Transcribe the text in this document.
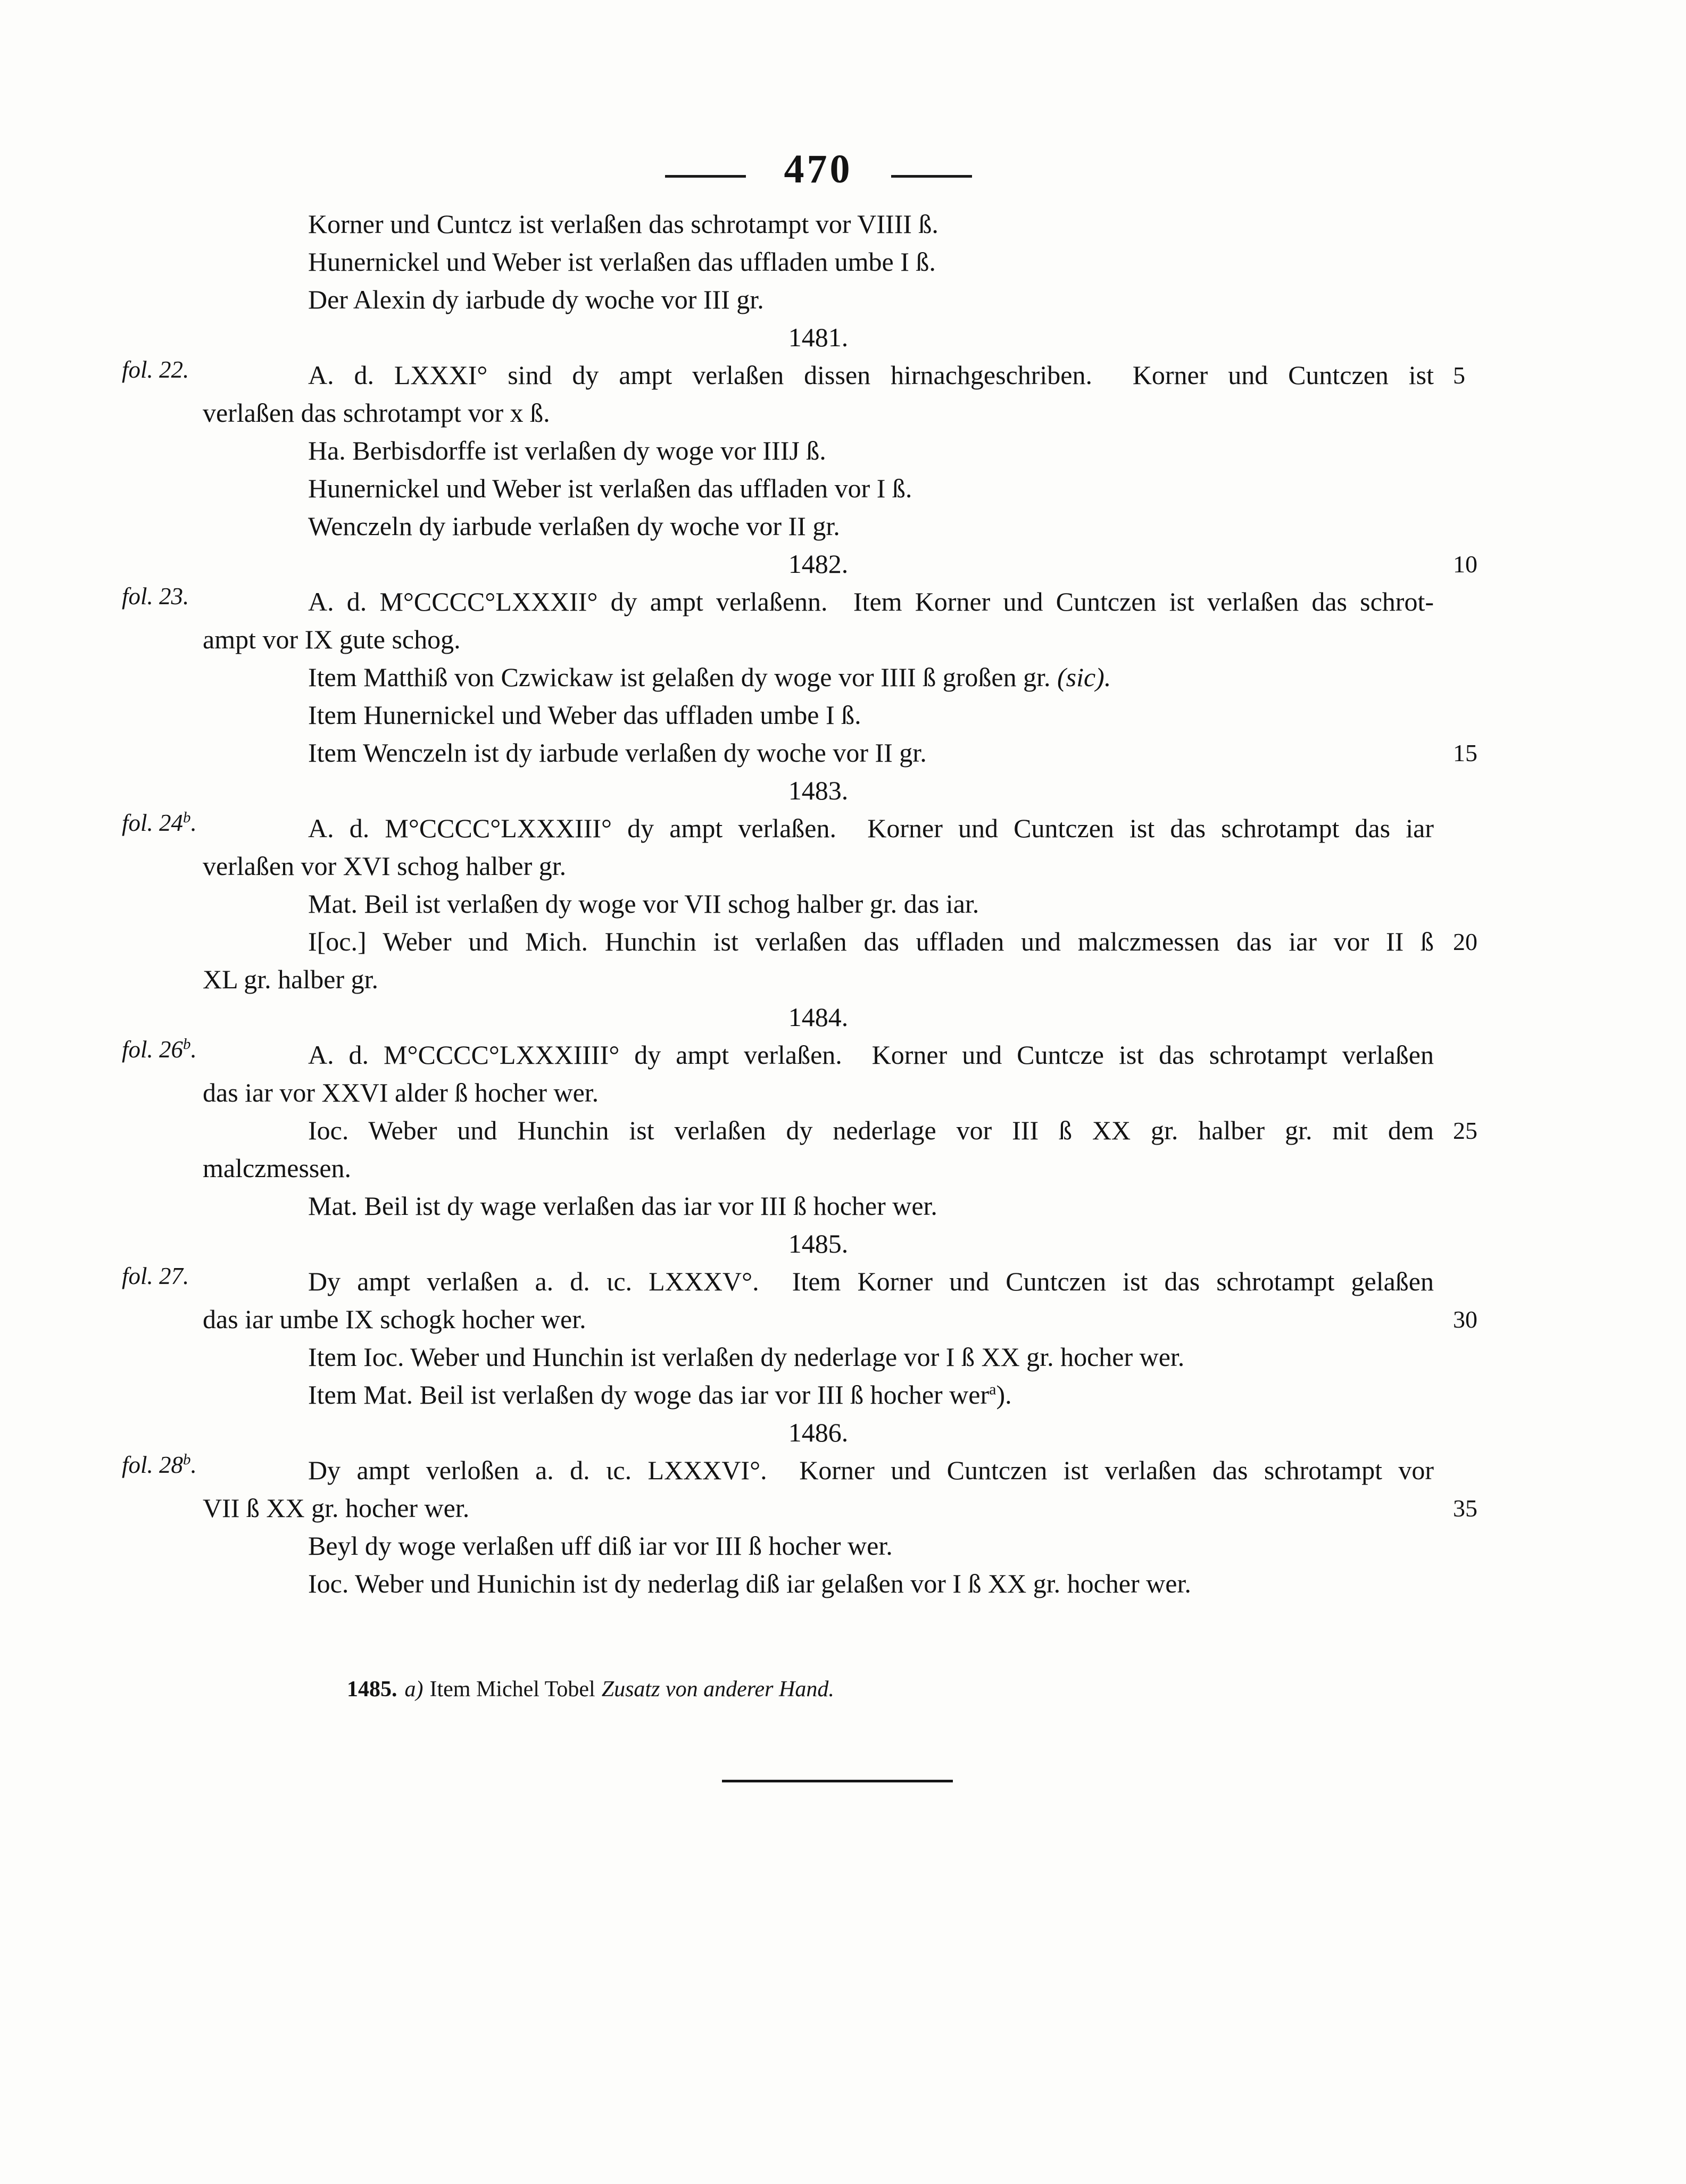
470
Korner und Cuntcz ist verlaßen das schrotampt vor VIIII ß.
Hunernickel und Weber ist verlaßen das uffladen umbe I ß.
Der Alexin dy iarbude dy woche vor III gr.
1481.
fol. 22.	A. d. LXXXI° sind dy ampt verlaßen dissen hirnachgeschriben.  Korner und Cuntczen ist 5
verlaßen das schrotampt vor x ß.
Ha. Berbisdorffe ist verlaßen dy woge vor IIIJ ß.
Hunernickel und Weber ist verlaßen das uffladen vor I ß.
Wenczeln dy iarbude verlaßen dy woche vor II gr.
1482.	10
fol. 23.	A. d. M°CCCC°LXXXII° dy ampt verlaßenn.  Item Korner und Cuntczen ist verlaßen das schrot-
ampt vor IX gute schog.
Item Matthiß von Czwickaw ist gelaßen dy woge vor IIII ß großen gr. (sic).
Item Hunernickel und Weber das uffladen umbe I ß.
Item Wenczeln ist dy iarbude verlaßen dy woche vor II gr.	15
1483.
fol. 24$^b$.	A. d. M°CCCC°LXXXIII° dy ampt verlaßen.  Korner und Cuntczen ist das schrotampt das iar
verlaßen vor XVI schog halber gr.
Mat. Beil ist verlaßen dy woge vor VII schog halber gr. das iar.
I[oc.] Weber und Mich. Hunchin ist verlaßen das uffladen und malczmessen das iar vor II ß 20
XL gr. halber gr.
1484.
fol. 26$^b$.	A. d. M°CCCC°LXXXIIII° dy ampt verlaßen.  Korner und Cuntcze ist das schrotampt verlaßen
das iar vor XXVI alder ß hocher wer.
Ioc. Weber und Hunchin ist verlaßen dy nederlage vor III ß XX gr. halber gr. mit dem 25
malczmessen.
Mat. Beil ist dy wage verlaßen das iar vor III ß hocher wer.
1485.
fol. 27.	Dy ampt verlaßen a. d. ɩc. LXXXV°.  Item Korner und Cuntczen ist das schrotampt gelaßen
das iar umbe IX schogk hocher wer.	30
Item Ioc. Weber und Hunchin ist verlaßen dy nederlage vor I ß XX gr. hocher wer.
Item Mat. Beil ist verlaßen dy woge das iar vor III ß hocher wer$^a$).
1486.
fol. 28$^b$.	Dy ampt verloßen a. d. ɩc. LXXXVI°.  Korner und Cuntczen ist verlaßen das schrotampt vor
VII ß XX gr. hocher wer.	35
Beyl dy woge verlaßen uff diß iar vor III ß hocher wer.
Ioc. Weber und Hunichin ist dy nederlag diß iar gelaßen vor I ß XX gr. hocher wer.

1485. a) Item Michel Tobel Zusatz von anderer Hand.
